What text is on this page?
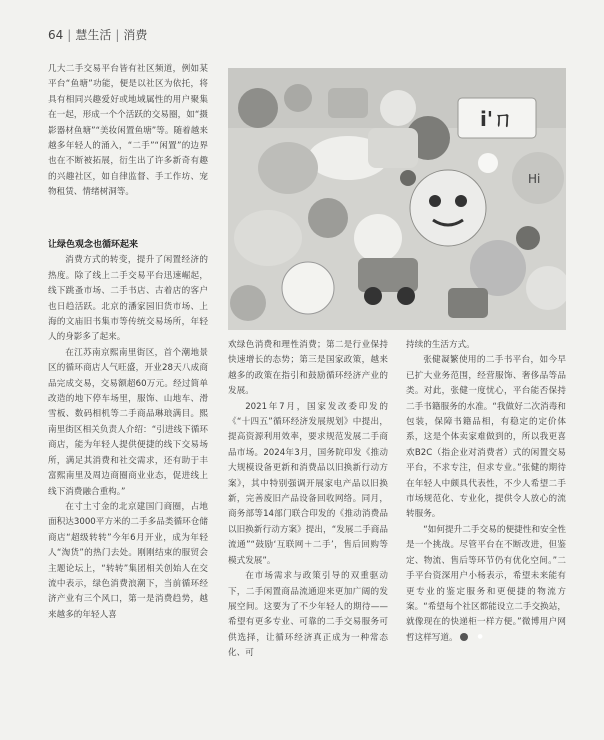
64 | 慧生活 | 消费

几大二手交易平台皆有社区频道，例如某平台“鱼塘”功能，便是以社区为依托，将具有相同兴趣爱好或地域属性的用户聚集在一起，形成一个个活跃的交易圈，如“摄影器材鱼塘”“美妆闲置鱼塘”等。随着越来越多年轻人的涌入，“二手”“闲置”的边界也在不断被拓展，衍生出了许多新奇有趣的兴趣社区，如自律监督、手工作坊、宠物租赁、情绪树洞等。

让绿色观念也循环起来

消费方式的转变，提升了闲置经济的热度。除了线上二手交易平台迅速崛起，线下跳蚤市场、二手书店、古着店的客户也日趋活跃。北京的潘家园旧货市场、上海的文庙旧书集市等传统交易场所，年轻人的身影多了起来。

在江苏南京熙南里街区，首个潮地景区的循环商店人气旺盛，开业28天八成商品完成交易，交易额超60万元。经过简单改造的地下停车场里，服饰、山地车、滑雪板、数码相机等二手商品琳琅满目。熙南里街区相关负责人介绍：“引进线下循环商店，能为年轻人提供便捷的线下交易场所，满足其消费和社交需求，还有助于丰富熙南里及周边商圈商业业态，促进线上线下消费融合重构。”

在寸土寸金的北京建国门商圈，占地面积达3000平方米的二手多品类循环仓储商店“超级转转”今年6月开业，成为年轻人“淘货”的热门去处。刚刚结束的服贸会主题论坛上，“转转”集团相关创始人在交流中表示，绿色消费浪潮下，当前循环经济产业有三个风口，第一是消费趋势，越来越多的年轻人喜

i'ㄇ
Hi

欢绿色消费和理性消费；第二是行业保持快速增长的态势；第三是国家政策，越来越多的政策在指引和鼓励循环经济产业的发展。

2021年7月，国家发改委印发的《“十四五”循环经济发展规划》中提出，提高资源利用效率，要求规范发展二手商品市场。2024年3月，国务院印发《推动大规模设备更新和消费品以旧换新行动方案》，其中特别强调开展家电产品以旧换新，完善废旧产品设备回收网络。同月，商务部等14部门联合印发的《推动消费品以旧换新行动方案》提出，“发展二手商品流通”“鼓励‘互联网＋二手’，售后回购等模式发展”。

在市场需求与政策引导的双重驱动下，二手闲置商品流通迎来更加广阔的发展空间。这要为了不少年轻人的期待——希望有更多专业、可靠的二手交易服务可供选择，让循环经济真正成为一种常态化、可

持续的生活方式。

张健凝繁使用的二手书平台，如今早已扩大业务范围，经营服饰、奢侈品等品类。对此，张健一度忧心，平台能否保持二手书籍服务的水准。“我做好二次消毒和包装，保障书籍品相，有稳定的定价体系，这是个体卖家难做到的，所以我更喜欢B2C（指企业对消费者）式的闲置交易平台，不求专注，但求专业。”张健的期待在年轻人中颇具代表性，不少人希望二手市场规范化、专业化，提供令人放心的流转服务。

“如何提升二手交易的便捷性和安全性是一个挑战。尽管平台在不断改进，但鉴定、物流、售后等环节仍有优化空间。”二手平台资深用户小杨表示，希望未来能有更专业的鉴定服务和更便捷的物流方案。“希望每个社区都能设立二手交换站，就像现在的快递柜一样方便。”微博用户网哲这样写道。	●
